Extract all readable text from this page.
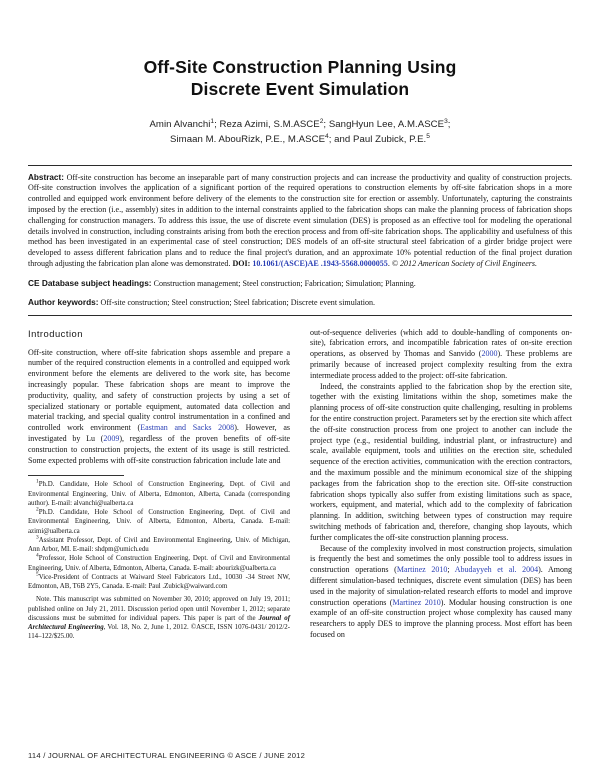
Off-Site Construction Planning Using
Discrete Event Simulation
Amin Alvanchi$^1$; Reza Azimi, S.M.ASCE$^2$; SangHyun Lee, A.M.ASCE$^3$;
Simaan M. AbouRizk, P.E., M.ASCE$^4$; and Paul Zubick, P.E.$^5$

Abstract: Off-site construction has become an inseparable part of many construction projects and can increase the productivity and quality of construction projects. Off-site construction involves the application of a significant portion of the required operations to construction elements by off-site fabrication shops in a more controlled and equipped work environment before delivery of the elements to the construction site for erection or assembly. Unfortunately, capturing the constraints imposed by the erection (i.e., assembly) sites in addition to the internal constraints applied to the fabrication shops can make the planning process of fabrication shops challenging for construction managers. To address this issue, the use of discrete event simulation (DES) is proposed as an effective tool for modeling the operational details involved in construction, including constraints arising from both the erection process and from off-site fabrication shops. The applicability and usefulness of this method has been investigated in an experimental case of steel construction; DES models of an off-site structural steel fabrication of a girder bridge project were developed to assess different fabrication plans and to reduce the final project's duration, and an approximate 10% potential reduction of the final project duration through adjusting the fabrication plan alone was demonstrated. DOI: 10.1061/(ASCE)AE .1943-5568.0000055. © 2012 American Society of Civil Engineers.

CE Database subject headings: Construction management; Steel construction; Fabrication; Simulation; Planning.
Author keywords: Off-site construction; Steel construction; Steel fabrication; Discrete event simulation.
Introduction

Off-site construction, where off-site fabrication shops assemble and prepare a number of the required construction elements in a controlled and equipped work environment before the elements are delivered to the work site, has become increasingly popular. These fabrication shops are meant to improve the productivity, quality, and safety of construction projects by using a set of specialized stationary or portable equipment, automated data collection and material tracking, and special quality control instrumentation in a confined and controlled work environment (Eastman and Sacks 2008). However, as investigated by Lu (2009), regardless of the proven benefits of off-site construction to construction projects, the extent of its usage is still restricted. Some expected problems with off-site construction fabrication include late and

$^1$Ph.D. Candidate, Hole School of Construction Engineering, Dept. of Civil and Environmental Engineering, Univ. of Alberta, Edmonton, Alberta, Canada (corresponding author). E-mail: alvanchi@ualberta.ca

$^2$Ph.D. Candidate, Hole School of Construction Engineering, Dept. of Civil and Environmental Engineering, Univ. of Alberta, Edmonton, Alberta, Canada. E-mail: azimi@ualberta.ca

$^3$Assistant Professor, Dept. of Civil and Environmental Engineering, Univ. of Michigan, Ann Arbor, MI. E-mail: shdpm@umich.edu

$^4$Professor, Hole School of Construction Engineering, Dept. of Civil and Environmental Engineering, Univ. of Alberta, Edmonton, Alberta, Canada. E-mail: abourizk@ualberta.ca

$^5$Vice-President of Contracts at Waiward Steel Fabricators Ltd., 10030 -34 Street NW, Edmonton, AB, T6B 2Y5, Canada. E-mail: Paul .Zubick@waiward.com

Note. This manuscript was submitted on November 30, 2010; approved on July 19, 2011; published online on July 21, 2011. Discussion period open until November 1, 2012; separate discussions must be submitted for individual papers. This paper is part of the Journal of Architectural Engineering, Vol. 18, No. 2, June 1, 2012. ©ASCE, ISSN 1076-0431/ 2012/2-114–122/$25.00.

out-of-sequence deliveries (which add to double-handling of components on-site), fabrication errors, and incompatible fabrication rates of on-site erection operations, as observed by Thomas and Sanvido (2000). These problems are primarily because of increased project complexity resulting from the extra intermediate process added to the project: off-site fabrication.

Indeed, the constraints applied to the fabrication shop by the erection site, together with the existing limitations within the shop, sometimes make the planning process of off-site construction quite challenging, resulting in problems for the entire construction project. Parameters set by the erection site which affect the off-site construction process from one project to another can include the project type (e.g., residential building, industrial plant, or infrastructure) and scale, available equipment, tools and utilities on the erection site, scheduled sequence of the erection activities, communication with the erection contractors, and the maximum possible and the minimum economical size of the shipping packages from the fabrication shop to the erection site. Off-site construction fabrication shops typically also suffer from existing limitations such as space, workers, equipment, and material, which add to the complexity of fabrication planning. In addition, switching between types of construction may require switching methods of fabrication and, therefore, changing shop layouts, which further complicates the off-site construction planning process.

Because of the complexity involved in most construction projects, simulation is frequently the best and sometimes the only possible tool to address issues in construction operations (Martinez 2010; Abudayyeh et al. 2004). Among different simulation-based techniques, discrete event simulation (DES) has been used in the majority of simulation-related research efforts to model and improve construction operations (Martinez 2010). Modular housing construction is one example of an off-site construction project whose complexity has caused many researchers to apply DES to improve the planning process. Most effort has been focused on

114 / JOURNAL OF ARCHITECTURAL ENGINEERING © ASCE / JUNE 2012
